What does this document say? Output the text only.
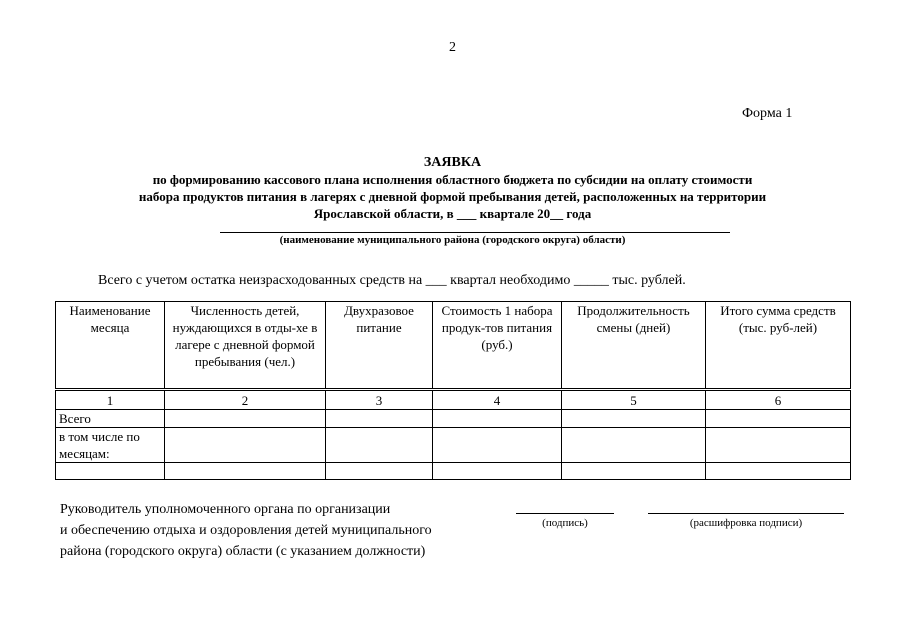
2
Форма 1
ЗАЯВКА
по формированию кассового плана исполнения областного бюджета по субсидии на оплату стоимости
набора продуктов питания в лагерях с дневной формой пребывания детей, расположенных на территории
Ярославской области, в ___ квартале 20__ года
(наименование муниципального района (городского округа) области)
Всего с учетом остатка неизрасходованных средств на ___ квартал необходимо _____ тыс. рублей.
Наименование месяца	Численность детей, нуждающихся в отды-хе в лагере с дневной формой пребывания (чел.)	Двухразовое питание	Стоимость 1 набора продук-тов питания (руб.)	Продолжительность смены (дней)	Итого сумма средств (тыс. руб-лей)
1	2	3	4	5	6
Всего					
в том числе по месяцам:					

Руководитель уполномоченного органа по организации
и обеспечению отдыха и оздоровления детей муниципального
района (городского округа) области (с указанием должности)
(подпись)	(расшифровка подписи)
